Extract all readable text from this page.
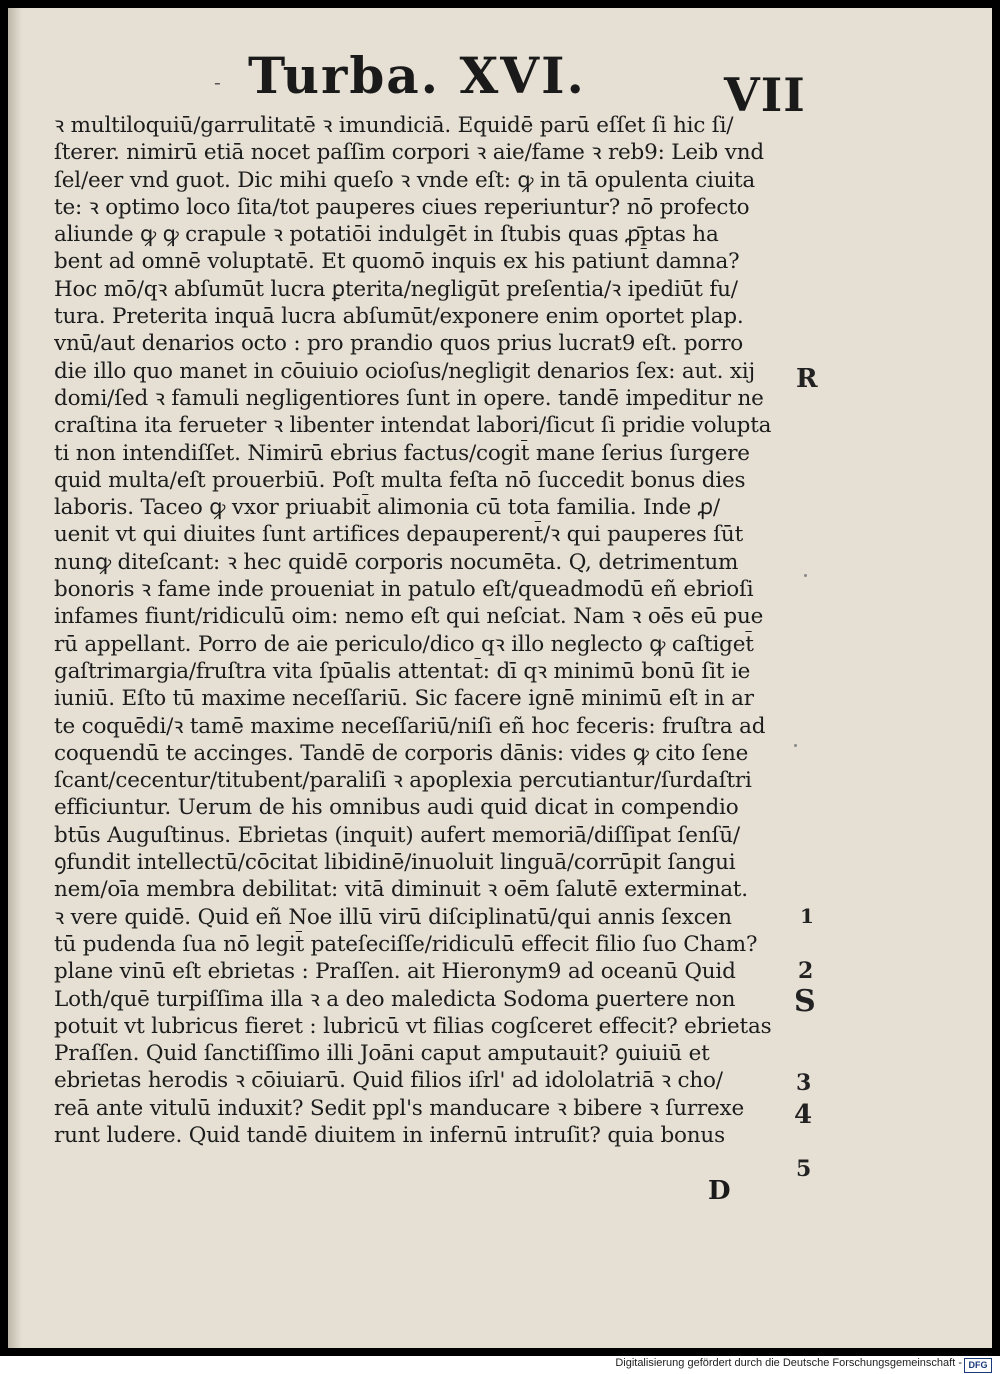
- Turba. XVI.	VII
ꝛ multiloquiū/garrulitatē ꝛ imundiciā. Equidē parū eſſet ſi hic ſi/
ſterer. nimirū etiā nocet paſſim corpori ꝛ aie/fame ꝛ reb9: Leib vnd
ſel/eer vnd guot. Dic mihi queſo ꝛ vnde eſt: ꝙ in tā opulenta ciuita
te: ꝛ optimo loco ſita/tot pauperes ciues reperiuntur? nō profecto
aliunde ꝙ ꝙ crapule ꝛ potatiōi indulgēt in ſtubis quas ꝓ̄ptas ha
bent ad omnē voluptatē. Et quomō inquis ex his patiunt̄ damna?
Hoc mō/qꝛ abſumūt lucra ꝑterita/negligūt preſentia/ꝛ ipediūt fu/
tura. Preterita inquā lucra abſumūt/exponere enim oportet plap.
vnū/aut denarios octo : pro prandio quos prius lucrat9 eſt. porro
die illo quo manet in cōuiuio ocioſus/negligit denarios ſex: aut. xij
domi/ſed ꝛ famuli negligentiores ſunt in opere. tandē impeditur ne
craſtina ita ferueter ꝛ libenter intendat labori/ſicut ſi pridie volupta
ti non intendiſſet. Nimirū ebrius factus/cogit̄ mane ſerius ſurgere
quid multa/eſt prouerbiū. Poſt multa feſta nō ſuccedit bonus dies
laboris. Taceo ꝙ vxor priuabit̄ alimonia cū tota familia. Inde ꝓ/
uenit vt qui diuites ſunt artifices depauperent̄/ꝛ qui pauperes ſūt
nunꝙ diteſcant: ꝛ hec quidē corporis nocumēta. Q, detrimentum
bonoris ꝛ fame inde proueniat in patulo eſt/queadmodū eñ ebrioſi
infames fiunt/ridiculū oim: nemo eſt qui neſciat. Nam ꝛ oēs eū pue
rū appellant. Porro de aie periculo/dico qꝛ illo neglecto ꝙ caſtiget̄
gaſtrimargia/fruſtra vita ſpūalis attentat̄: dī qꝛ minimū bonū ſit ie
iuniū. Eſto tū maxime neceſſariū. Sic facere ignē minimū eſt in ar
te coquēdi/ꝛ tamē maxime neceſſariū/niſi eñ hoc feceris: fruſtra ad
coquendū te accinges. Tandē de corporis dānis: vides ꝙ cito ſene
ſcant/cecentur/titubent/paraliſi ꝛ apoplexia percutiantur/ſurdaſtri
efficiuntur. Uerum de his omnibus audi quid dicat in compendio
btūs Auguſtinus. Ebrietas (inquit) aufert memoriā/diſſipat ſenſū/
ꝯfundit intellectū/cōcitat libidinē/inuoluit linguā/corrūpit ſangui
nem/oīa membra debilitat: vitā diminuit ꝛ oēm ſalutē exterminat.
ꝛ vere quidē. Quid eñ Noe illū virū diſciplinatū/qui annis ſexcen
tū pudenda ſua nō legit̄ pateſeciſſe/ridiculū effecit filio ſuo Cham?
plane vinū eſt ebrietas : Praſſen. ait Hieronym9 ad oceanū Quid
Loth/quē turpiſſima illa ꝛ a deo maledicta Sodoma ꝑuertere non
potuit vt lubricus fieret : lubricū vt filias cogſceret effecit? ebrietas
Praſſen. Quid ſanctiſſimo illi Joāni caput amputauit? ꝯuiuiū et
ebrietas herodis ꝛ cōiuiarū. Quid filios iſrl' ad idololatriā ꝛ cho/
reā ante vitulū induxit? Sedit ppl's manducare ꝛ bibere ꝛ ſurrexe
runt ludere. Quid tandē diuitem in infernū intruſit? quia bonus
D
R
1
2
S
3
4
5
Digitalisierung gefördert durch die Deutsche Forschungsgemeinschaft - DFG
